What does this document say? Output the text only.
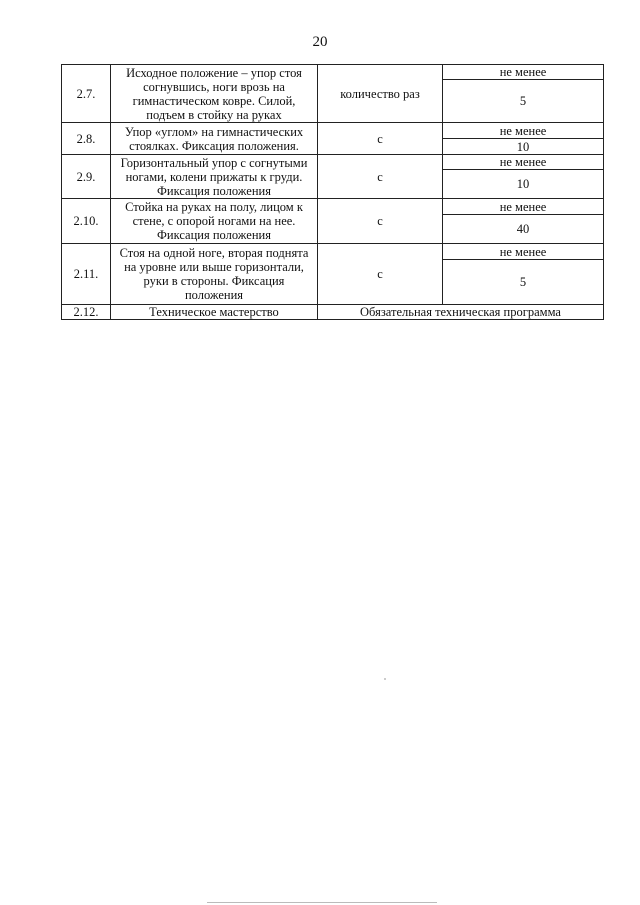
20
2.7.	Исходное положение – упор стоя согнувшись, ноги врозь на гимнастическом ковре. Силой, подъем в стойку на руках	количество раз	не менее
			5
2.8.	Упор «углом» на гимнастических стоялках. Фиксация положения.	с	не менее
			10
2.9.	Горизонтальный упор с согнутыми ногами, колени прижаты к груди. Фиксация положения	с	не менее
			10
2.10.	Стойка на руках на полу, лицом к стене, с опорой ногами на нее. Фиксация положения	с	не менее
			40
2.11.	Стоя на одной ноге, вторая поднята на уровне или выше горизонтали, руки в стороны. Фиксация положения	с	не менее
			5
2.12.	Техническое мастерство	Обязательная техническая программа	
